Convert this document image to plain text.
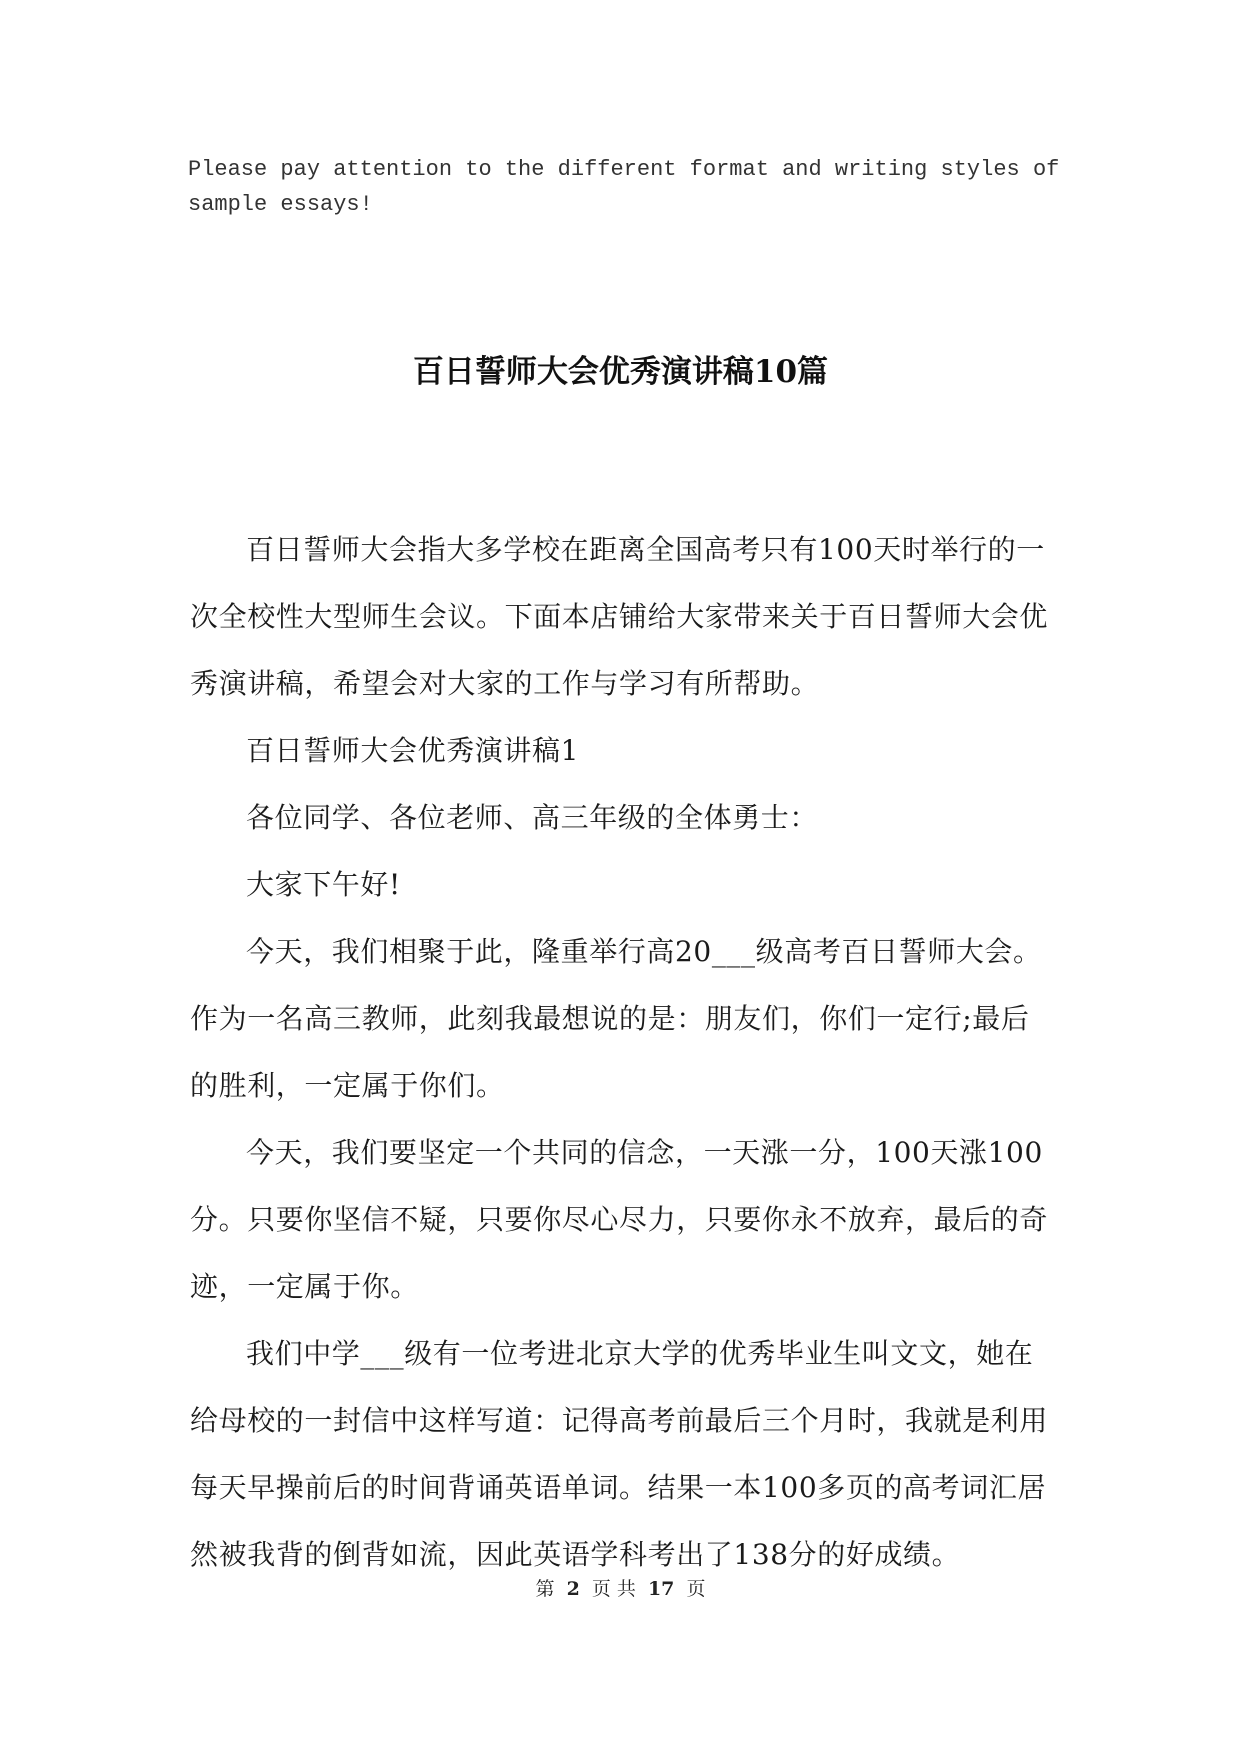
Please pay attention to the different format and writing styles of sample essays!
百日誓师大会优秀演讲稿10篇

百日誓师大会指大多学校在距离全国高考只有100天时举行的一次全校性大型师生会议。下面本店铺给大家带来关于百日誓师大会优秀演讲稿，希望会对大家的工作与学习有所帮助。

百日誓师大会优秀演讲稿1

各位同学、各位老师、高三年级的全体勇士：

大家下午好!

今天，我们相聚于此，隆重举行高20___级高考百日誓师大会。作为一名高三教师，此刻我最想说的是：朋友们，你们一定行;最后的胜利，一定属于你们。

今天，我们要坚定一个共同的信念，一天涨一分，100天涨100分。只要你坚信不疑，只要你尽心尽力，只要你永不放弃，最后的奇迹，一定属于你。

我们中学___级有一位考进北京大学的优秀毕业生叫文文，她在给母校的一封信中这样写道：记得高考前最后三个月时，我就是利用每天早操前后的时间背诵英语单词。结果一本100多页的高考词汇居然被我背的倒背如流，因此英语学科考出了138分的好成绩。

第 2 页 共 17 页
